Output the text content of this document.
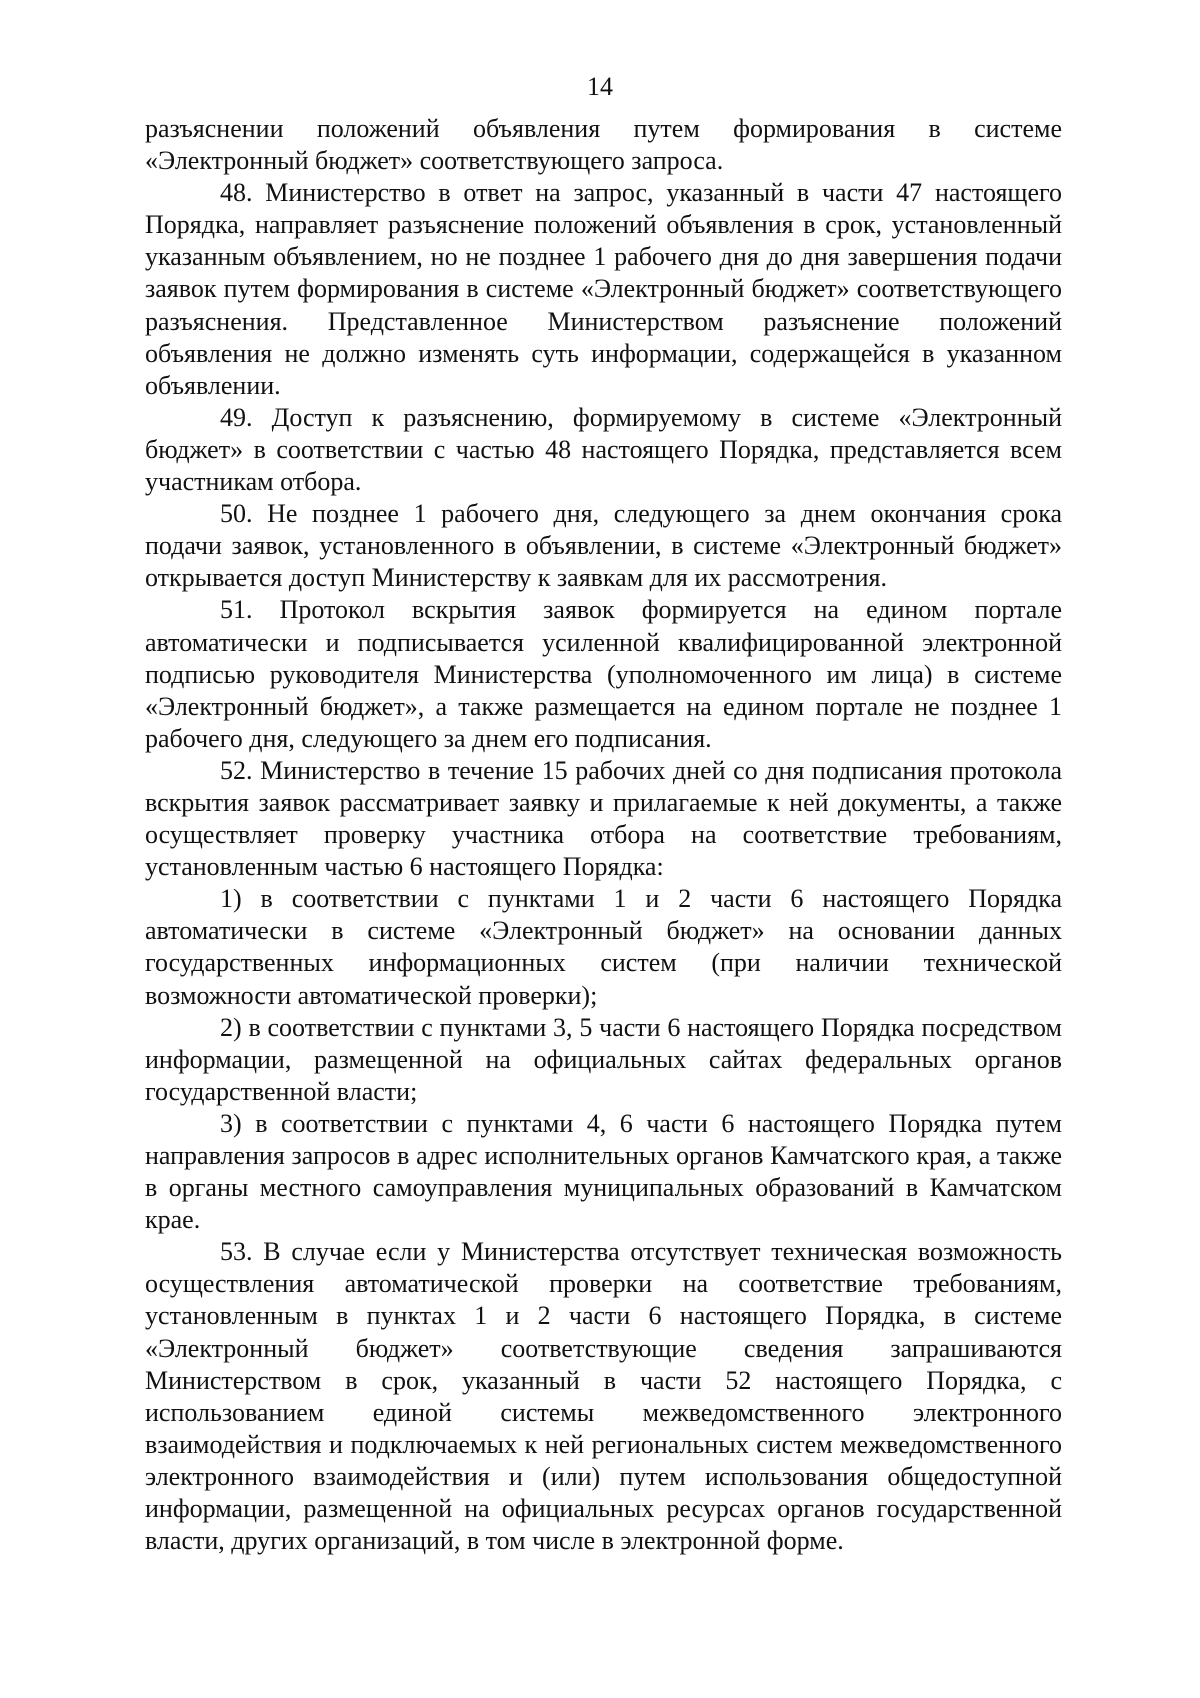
14

разъяснении положений объявления путем формирования в системе «Электронный бюджет» соответствующего запроса.

48. Министерство в ответ на запрос, указанный в части 47 настоящего Порядка, направляет разъяснение положений объявления в срок, установленный указанным объявлением, но не позднее 1 рабочего дня до дня завершения подачи заявок путем формирования в системе «Электронный бюджет» соответствующего разъяснения. Представленное Министерством разъяснение положений объявления не должно изменять суть информации, содержащейся в указанном объявлении.

49. Доступ к разъяснению, формируемому в системе «Электронный бюджет» в соответствии с частью 48 настоящего Порядка, представляется всем участникам отбора.

50. Не позднее 1 рабочего дня, следующего за днем окончания срока подачи заявок, установленного в объявлении, в системе «Электронный бюджет» открывается доступ Министерству к заявкам для их рассмотрения.

51. Протокол вскрытия заявок формируется на едином портале автоматически и подписывается усиленной квалифицированной электронной подписью руководителя Министерства (уполномоченного им лица) в системе «Электронный бюджет», а также размещается на едином портале не позднее 1 рабочего дня, следующего за днем его подписания.

52. Министерство в течение 15 рабочих дней со дня подписания протокола вскрытия заявок рассматривает заявку и прилагаемые к ней документы, а также осуществляет проверку участника отбора на соответствие требованиям, установленным частью 6 настоящего Порядка:

1) в соответствии с пунктами 1 и 2 части 6 настоящего Порядка автоматически в системе «Электронный бюджет» на основании данных государственных информационных систем (при наличии технической возможности автоматической проверки);

2) в соответствии с пунктами 3, 5 части 6 настоящего Порядка посредством информации, размещенной на официальных сайтах федеральных органов государственной власти;

3) в соответствии с пунктами 4, 6 части 6 настоящего Порядка путем направления запросов в адрес исполнительных органов Камчатского края, а также в органы местного самоуправления муниципальных образований в Камчатском крае.

53. В случае если у Министерства отсутствует техническая возможность осуществления автоматической проверки на соответствие требованиям, установленным в пунктах 1 и 2 части 6 настоящего Порядка, в системе «Электронный бюджет» соответствующие сведения запрашиваются Министерством в срок, указанный в части 52 настоящего Порядка, с использованием единой системы межведомственного электронного взаимодействия и подключаемых к ней региональных систем межведомственного электронного взаимодействия и (или) путем использования общедоступной информации, размещенной на официальных ресурсах органов государственной власти, других организаций, в том числе в электронной форме.
